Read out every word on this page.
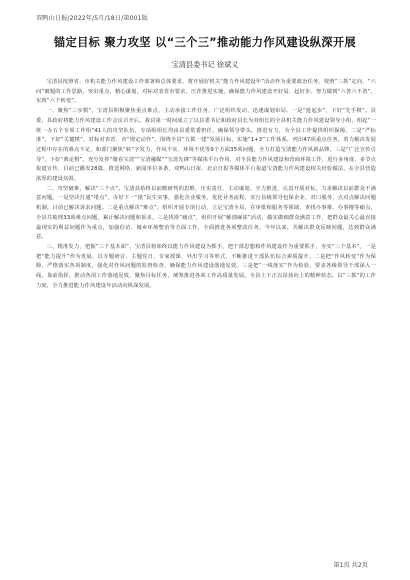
双鸭山日报/2022年/5月/18日/第001版
锚定目标 聚力攻坚 以“三个三”推动能力作风建设纵深开展
宝清县委书记 徐斌义

宝清县按照省、市机关能力作风建设工作部署和总体要求，将开展好机关“能力作风建设年”活动作为重要政治任务，按照“三抓”定向、“六问”破题的工作思路，突出重点，精心谋划，对标对表省市要求，压茬推进实施，确保能力作风建设开好局、起好步。努力做到“六善六不善”，实现“六个转变”。

一、聚焦“三步棋”，宝清县积极聚焦重点难点，主动承接工作任务，广泛组织发动，迅速谋划布局。一是“抢起步”，下好“先手棋”。县委、县政府将能力作风建设工作会议召开后，我县第一时间成立了以县委书记和政府县长为双组长的全县机关能力作风建设领导小组，组起“一班一办五个专项工作组”41人的攻坚队伍，专项组组长均由县委常委担任，确保领导带头，推进有力，为全县工作提供组织保障。二是“严标准”，下好“关键棋”。对标对表省、市“规定动作”，围绕全县“五抓一建”发展目标，实施“1+3”工作体系，列出47项重点任务，着力解决发展过程中存在的难点不足，和部门聚焦“转”字发力，作风不实、环境不优等9个方面35项问题，全力打造宝清能力作风新品牌。三是“广泛宣传引导”，下好“典论棋”。充分发挥“微看宝清”“宝清融媒”“宝清先锋”等媒体平台作用，对全县能力作风建设和营商环境工作，进行多角度、多节点报道宣传，目前已播发28篇，推送网络、新闻单位多条，双鸭山日报、北京日报等媒体平台报道宝清能力作风建设相关经验做法，在全县营造浓厚的建设氛围。

二、攻坚破难，解决“三个点”。宝清县始终以前瞻研判的思维，压实责任、主动谋划、全力推进，认真开展对标，力求解决以前群众不满意问题。一是坚决打通“堵点”，办好下一“批”民生实事。强化企业服务，优化业务流程，实行县级领导包保企业、对口服务、点对点解决问题机制，目前已解决诉求问题。二是重点解决“难点”，组织开展专项行动，立足宝清全局，在审批和服务等领域，查找办事难、办事慢等痛点，全县共梳理33项难点问题，累计解决问题和诉求。三是找准“痛点”，组织开展“解剖麻雀”活动，做实做细群众满意工作，把群众最关心最直接最现实的利益问题作为重点，加强信访、城乡环境整治等方面工作，全面推进各项整改任务，今年以来，共解决群众反映问题，达到群众满意。

三、精准发力，把握“三个基本面”。宝清县将始终以能力作风建设为抓手，把干部思想和作风建设作为重要抓手，夯实“三个基本”。一是把“能力提升”作为发展，以专题研讨、主题党日、专家授课、外出学习等形式，不断推进干部队伍综合素质提升。二是把“作风转变”作为保障，严格落实各项制度，强化对作风问题的监督检查，确保能力作风建设落地见效。三是把“一线落实”作为检验，要求各级领导干部深入一线，靠前指挥，推动各项工作落地见效，聚焦目标任务，统筹推进各项工作高质量发展。全县上下正以昂扬向上的精神状态，以“三抓”的工作力度，全力推进能力作风建设年活动向纵深发展。

第1页 共2页
